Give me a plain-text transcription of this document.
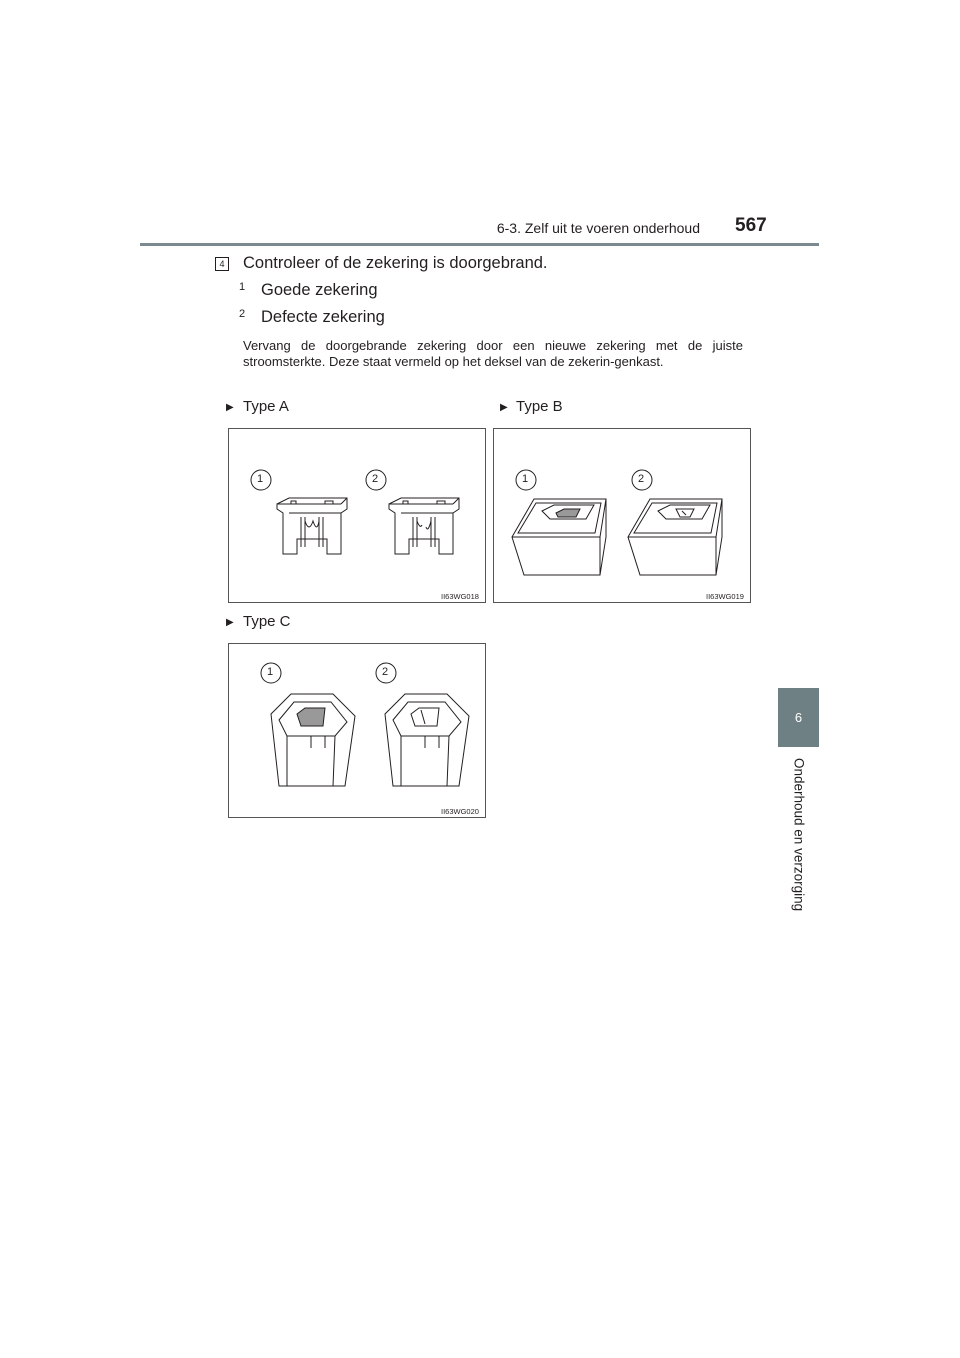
6-3. Zelf uit te voeren onderhoud 567
6
Onderhoud en verzorging
4 Controleer of de zekering is doorgebrand.
1 Goede zekering
2 Defecte zekering
Vervang de doorgebrande zekering door een nieuwe zekering met de juiste stroomsterkte. Deze staat vermeld op het deksel van de zekerin-genkast.
▶ Type A	▶ Type B
▶ Type C
1	2
II63WG018
1	2
II63WG019
1	2
II63WG020
